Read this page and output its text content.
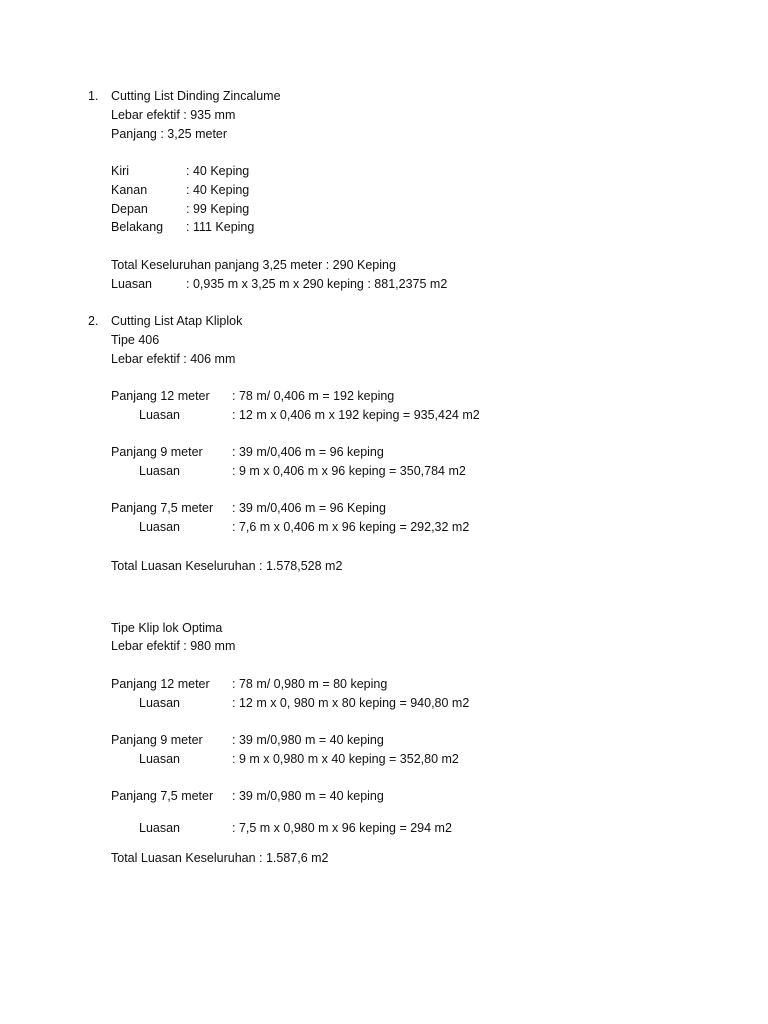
1. Cutting List Dinding Zincalume
Lebar efektif : 935 mm
Panjang : 3,25 meter
Kiri	: 40 Keping
Kanan	: 40 Keping
Depan	: 99 Keping
Belakang : 111 Keping
Total Keseluruhan panjang 3,25 meter : 290 Keping
Luasan	: 0,935 m x 3,25 m x 290 keping : 881,2375 m2
2. Cutting List Atap Kliplok
Tipe 406
Lebar efektif : 406 mm
Panjang 12 meter : 78 m/ 0,406 m = 192 keping
Luasan	: 12 m x 0,406 m x 192 keping = 935,424 m2
Panjang 9 meter : 39 m/0,406 m = 96 keping
Luasan	: 9 m x 0,406 m x 96 keping = 350,784 m2
Panjang 7,5 meter : 39 m/0,406 m = 96 Keping
Luasan	: 7,6 m x 0,406 m x 96 keping = 292,32 m2
Total Luasan Keseluruhan : 1.578,528 m2
Tipe Klip lok Optima
Lebar efektif : 980 mm
Panjang 12 meter : 78 m/ 0,980 m = 80 keping
Luasan	: 12 m x 0, 980 m x 80 keping = 940,80 m2
Panjang 9 meter : 39 m/0,980 m = 40 keping
Luasan	: 9 m x 0,980 m x 40 keping = 352,80 m2
Panjang 7,5 meter : 39 m/0,980 m = 40 keping
Luasan	: 7,5 m x 0,980 m x 96 keping = 294 m2
Total Luasan Keseluruhan : 1.587,6 m2
